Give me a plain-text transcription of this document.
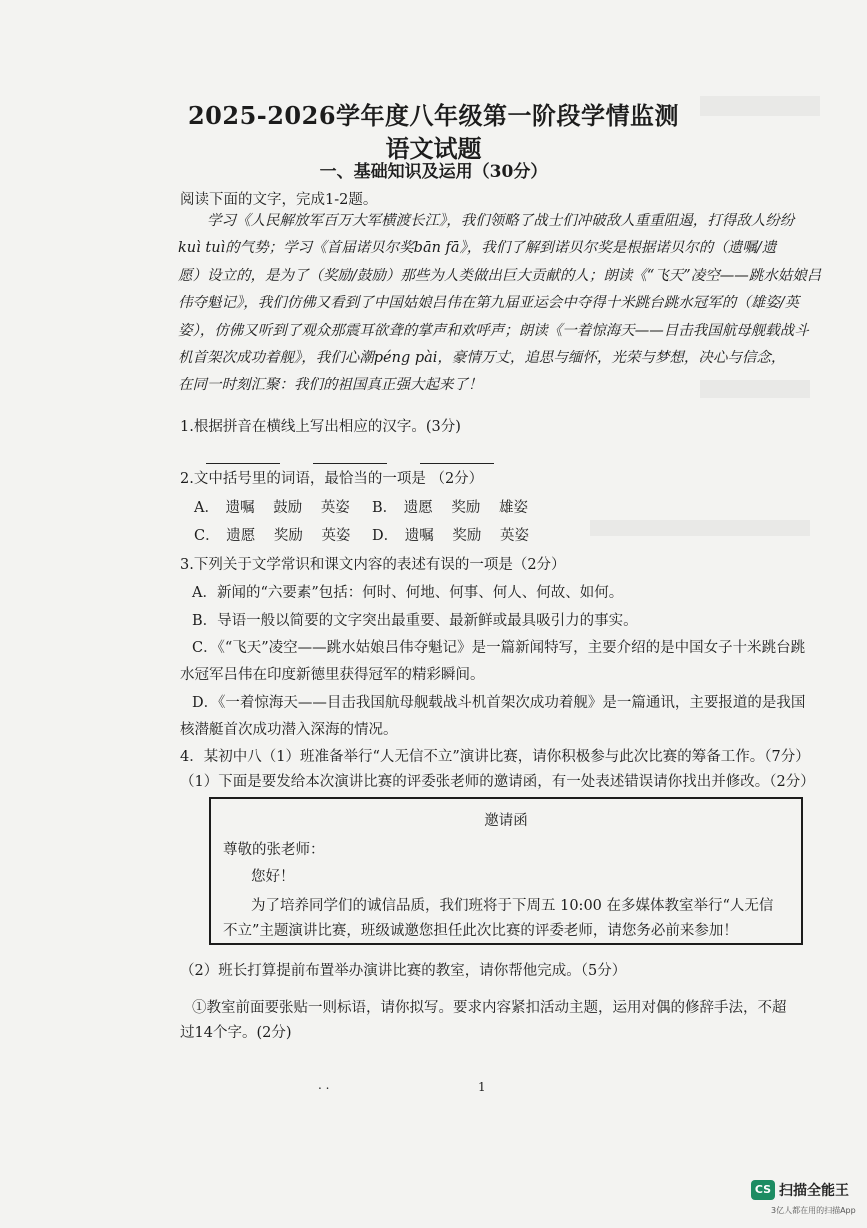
2025-2026学年度八年级第一阶段学情监测
语文试题
一、基础知识及运用（30分）
阅读下面的文字，完成1-2题。
学习《人民解放军百万大军横渡长江》，我们领略了战士们冲破敌人重重阻遏，打得敌人纷纷
kuì tuì的气势；学习《首届诺贝尔奖bān fā》，我们了解到诺贝尔奖是根据诺贝尔的（遗嘱/遗
愿）设立的，是为了（奖励/鼓励）那些为人类做出巨大贡献的人；朗读《“飞天”凌空——跳水姑娘吕
伟夺魁记》，我们仿佛又看到了中国姑娘吕伟在第九届亚运会中夺得十米跳台跳水冠军的（雄姿/英
姿），仿佛又听到了观众那震耳欲聋的掌声和欢呼声；朗读《一着惊海天——目击我国航母舰载战斗
机首架次成功着舰》，我们心潮péng pài，豪情万丈，追思与缅怀，光荣与梦想，决心与信念，
在同一时刻汇聚：我们的祖国真正强大起来了！
1.根据拼音在横线上写出相应的汉字。(3分)

2.文中括号里的词语，最恰当的一项是 （2分）
A． 遗嘱 鼓励 英姿 B． 遗愿 奖励 雄姿
C． 遗愿 奖励 英姿 D． 遗嘱 奖励 英姿
3.下列关于文学常识和课文内容的表述有误的一项是（2分）
A．新闻的“六要素”包括：何时、何地、何事、何人、何故、如何。
B．导语一般以简要的文字突出最重要、最新鲜或最具吸引力的事实。
C．《“飞天”凌空——跳水姑娘吕伟夺魁记》是一篇新闻特写，主要介绍的是中国女子十米跳台跳
水冠军吕伟在印度新德里获得冠军的精彩瞬间。
D．《一着惊海天——目击我国航母舰载战斗机首架次成功着舰》是一篇通讯，主要报道的是我国
核潜艇首次成功潜入深海的情况。
4．某初中八（1）班准备举行“人无信不立”演讲比赛，请你积极参与此次比赛的筹备工作。（7分）
（1）下面是要发给本次演讲比赛的评委张老师的邀请函，有一处表述错误请你找出并修改。（2分）
邀请函
尊敬的张老师：
您好！
为了培养同学们的诚信品质，我们班将于下周五 10:00 在多媒体教室举行“人无信
不立”主题演讲比赛，班级诚邀您担任此次比赛的评委老师，请您务必前来参加！
（2）班长打算提前布置举办演讲比赛的教室，请你帮他完成。（5分）
①教室前面要张贴一则标语，请你拟写。要求内容紧扣活动主题，运用对偶的修辞手法，不超
过14个字。(2分)
. .	1
CS 扫描全能王
3亿人都在用的扫描App
